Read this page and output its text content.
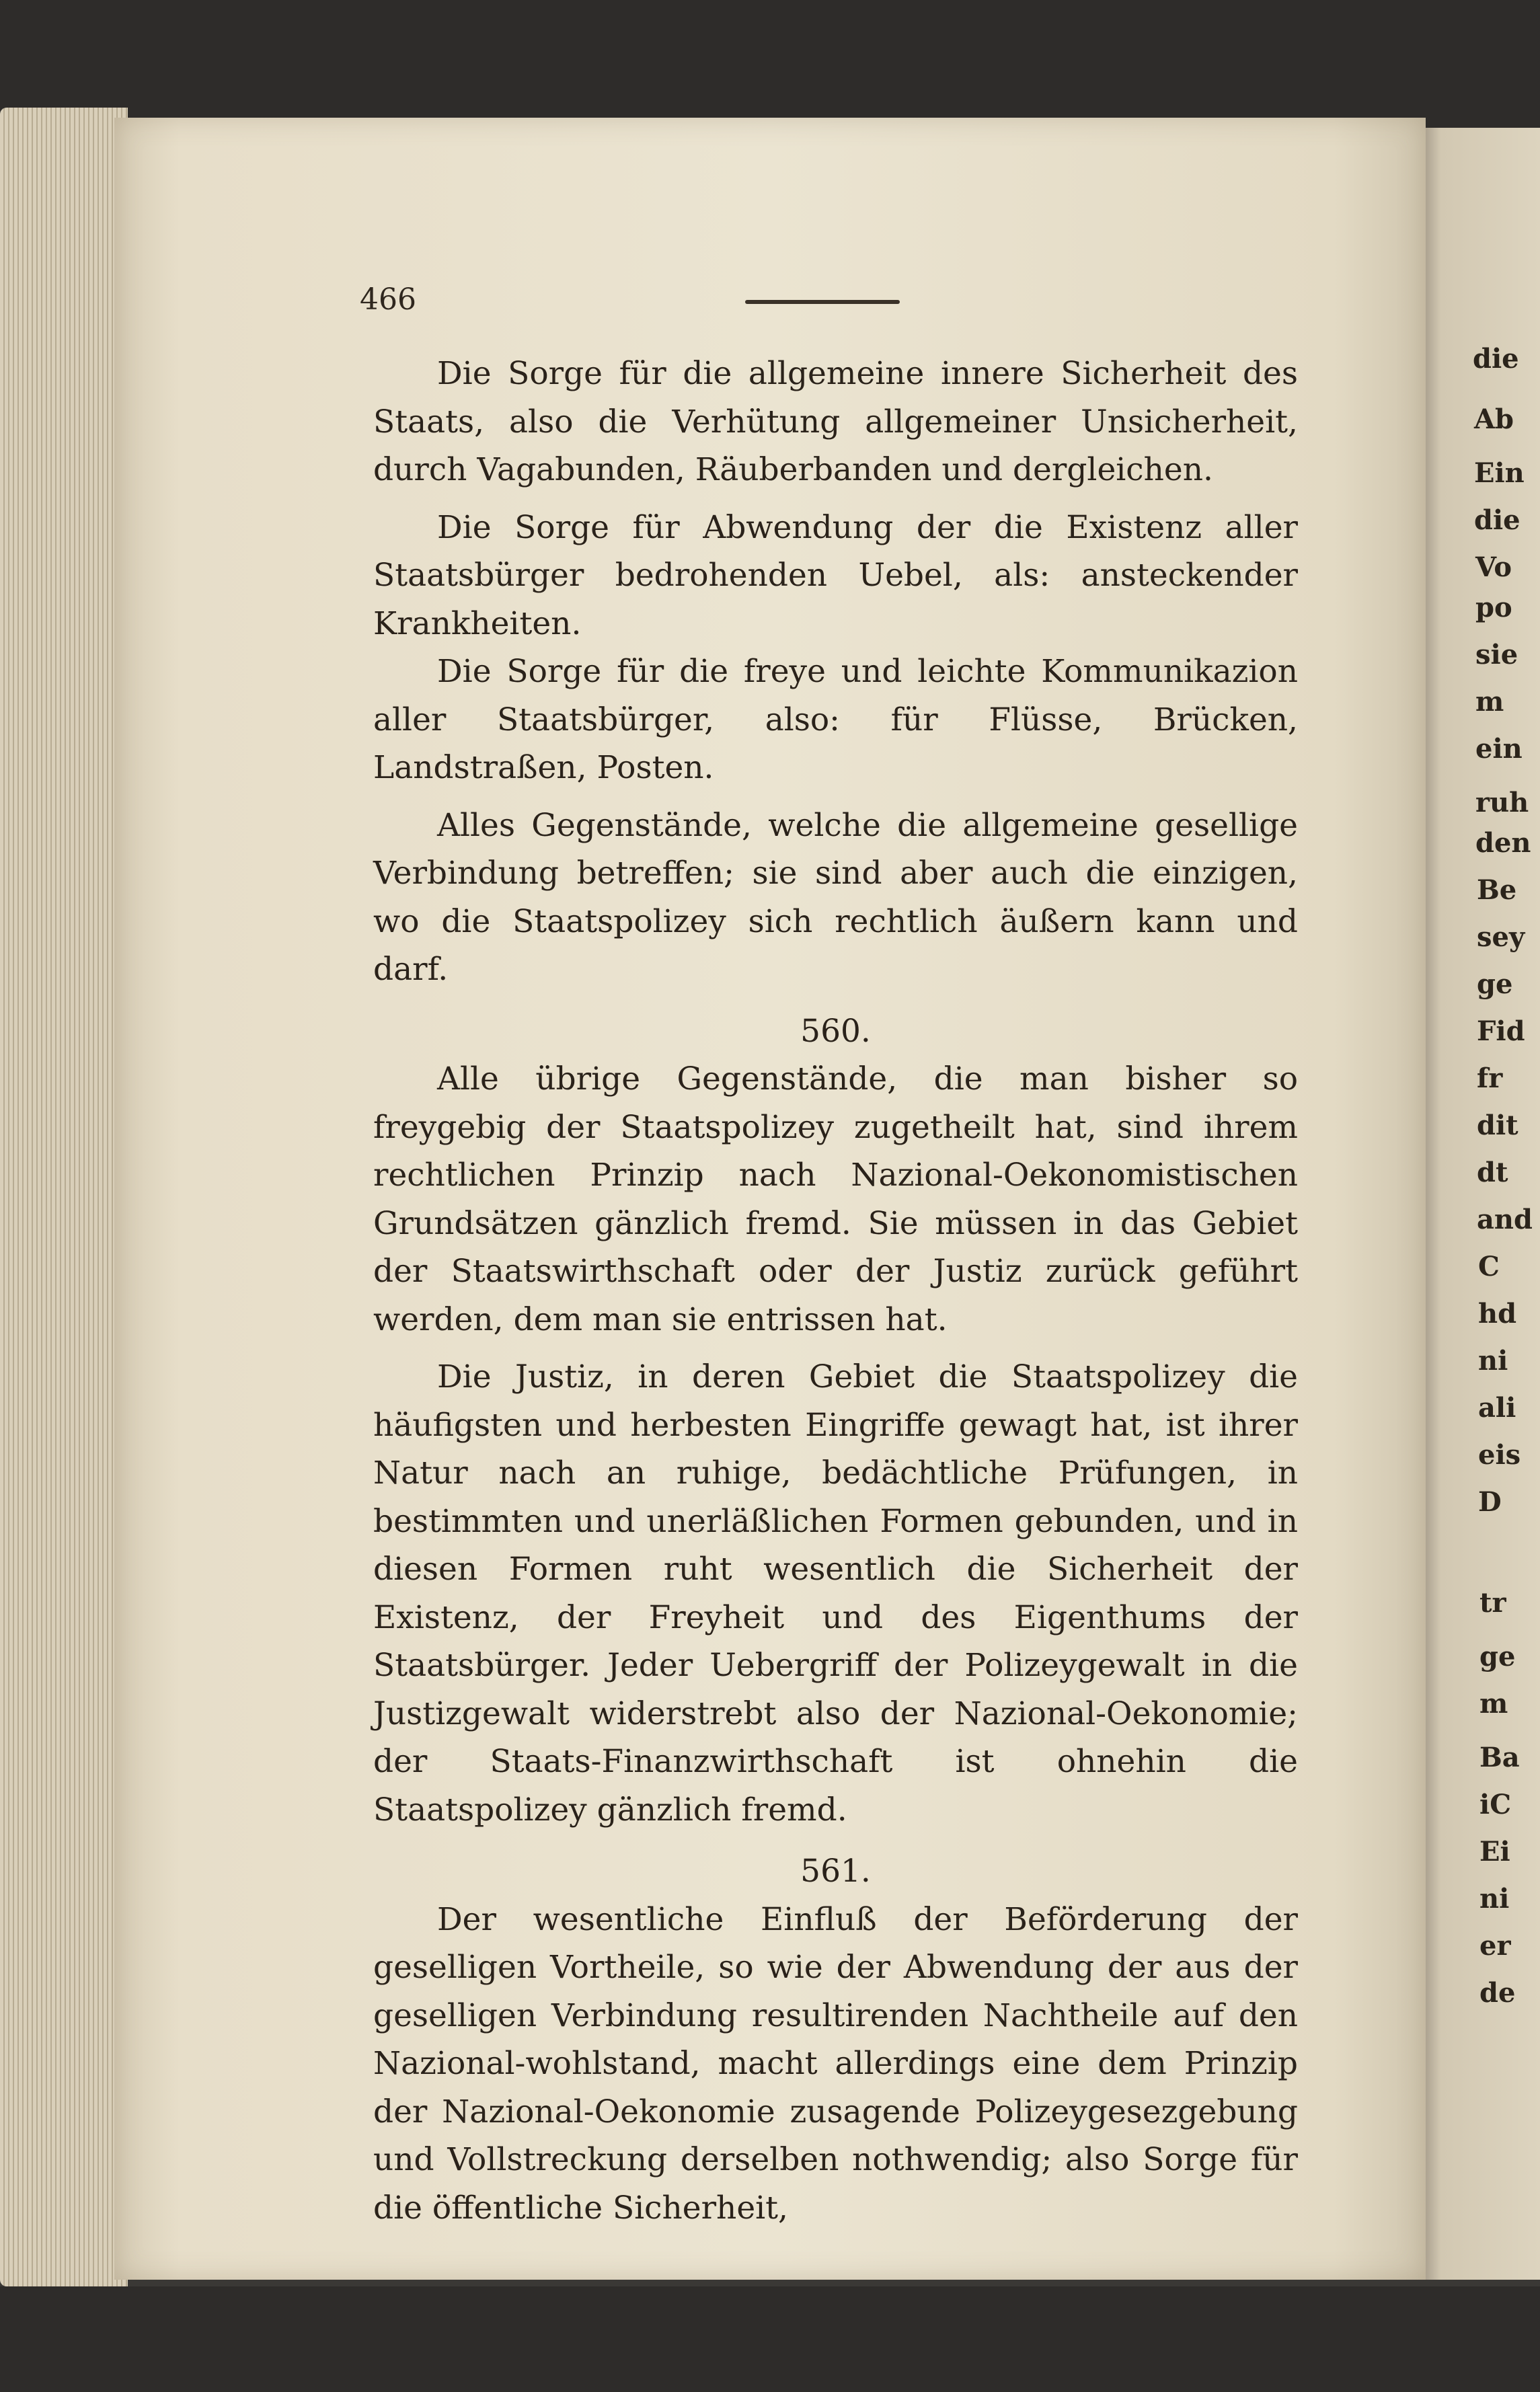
die
Ab
Ein
die
Vo
po
sie
m
ein
ruh
den
Be
sey
ge
Fid
fr
dit
dt
and
C
hd
ni
ali
eis
D
tr
ge
m
Ba
iC
Ei
ni
er
de
466

Die Sorge für die allgemeine innere Sicherheit des Staats, also die Verhütung allgemeiner Unsicherheit, durch Vagabunden, Räuberbanden und dergleichen.

Die Sorge für Abwendung der die Existenz aller Staatsbürger bedrohenden Uebel, als: ansteckender Krankheiten.

Die Sorge für die freye und leichte Kommunikazion aller Staatsbürger, also: für Flüsse, Brücken, Landstraßen, Posten.

Alles Gegenstände, welche die allgemeine gesellige Verbindung betreffen; sie sind aber auch die einzigen, wo die Staatspolizey sich rechtlich äußern kann und darf.

560.

Alle übrige Gegenstände, die man bisher so freygebig der Staatspolizey zugetheilt hat, sind ihrem rechtlichen Prinzip nach Nazional-Oekonomistischen Grundsätzen gänzlich fremd. Sie müssen in das Gebiet der Staatswirthschaft oder der Justiz zurück geführt werden, dem man sie entrissen hat.

Die Justiz, in deren Gebiet die Staatspolizey die häufigsten und herbesten Eingriffe gewagt hat, ist ihrer Natur nach an ruhige, bedächtliche Prüfungen, in bestimmten und unerläßlichen Formen gebunden, und in diesen Formen ruht wesentlich die Sicherheit der Existenz, der Freyheit und des Eigenthums der Staatsbürger. Jeder Uebergriff der Polizeygewalt in die Justizgewalt widerstrebt also der Nazional-Oekonomie; der Staats-Finanzwirthschaft ist ohnehin die Staatspolizey gänzlich fremd.

561.

Der wesentliche Einfluß der Beförderung der geselligen Vortheile, so wie der Abwendung der aus der geselligen Verbindung resultirenden Nachtheile auf den Nazional-wohlstand, macht allerdings eine dem Prinzip der Nazional-Oekonomie zusagende Polizeygesezgebung und Vollstreckung derselben nothwendig; also Sorge für die öffentliche Sicherheit,
